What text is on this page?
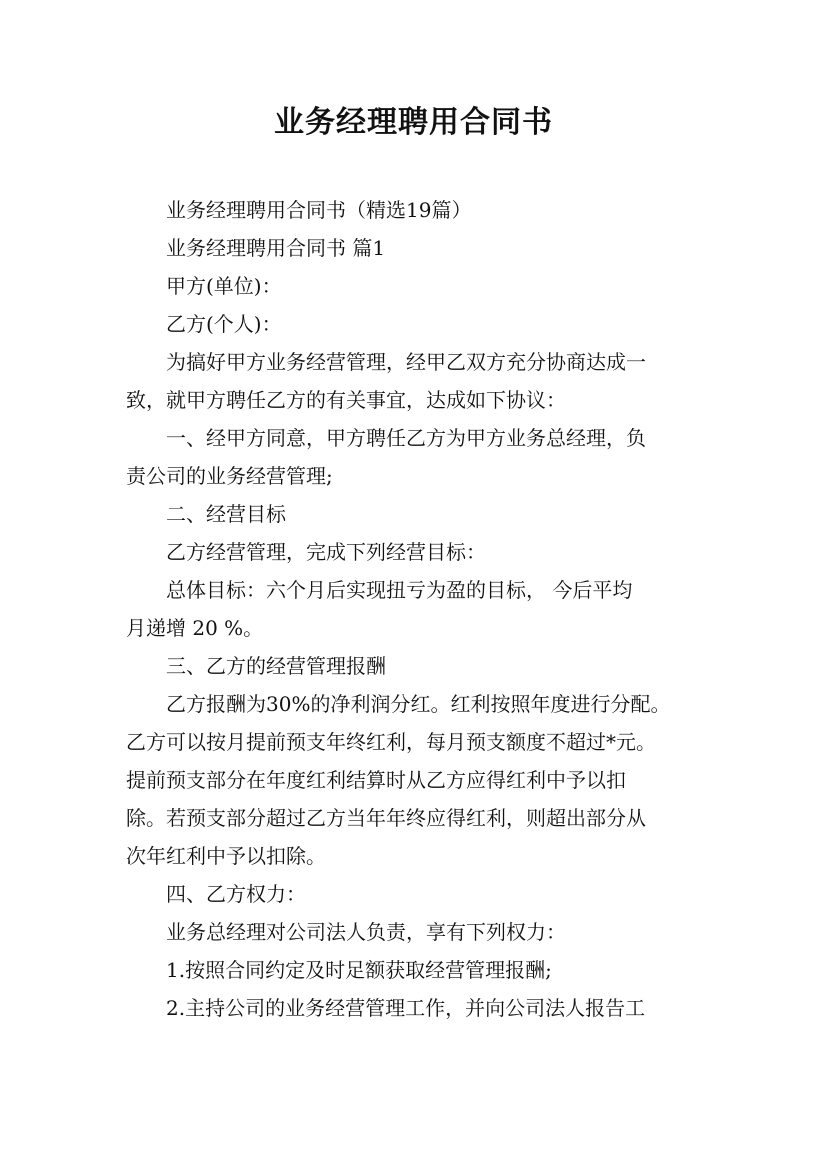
业务经理聘用合同书

业务经理聘用合同书（精选19篇）

业务经理聘用合同书 篇1

甲方(单位)：

乙方(个人)：

为搞好甲方业务经营管理，经甲乙双方充分协商达成一

致，就甲方聘任乙方的有关事宜，达成如下协议：

一、经甲方同意，甲方聘任乙方为甲方业务总经理，负

责公司的业务经营管理;

二、经营目标

乙方经营管理，完成下列经营目标：

总体目标：六个月后实现扭亏为盈的目标， 今后平均

月递增 20 %。

三、乙方的经营管理报酬

乙方报酬为30%的净利润分红。红利按照年度进行分配。

乙方可以按月提前预支年终红利，每月预支额度不超过*元。

提前预支部分在年度红利结算时从乙方应得红利中予以扣

除。若预支部分超过乙方当年年终应得红利，则超出部分从

次年红利中予以扣除。

四、乙方权力：

业务总经理对公司法人负责，享有下列权力：

1.按照合同约定及时足额获取经营管理报酬;

2.主持公司的业务经营管理工作，并向公司法人报告工
